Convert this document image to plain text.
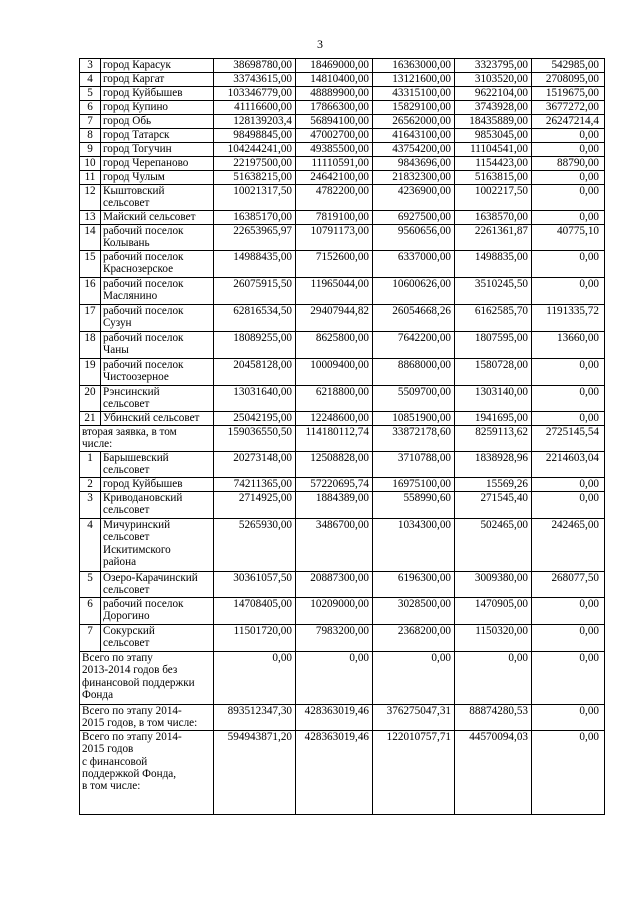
3
3	город Карасук	38698780,00	18469000,00	16363000,00	3323795,00	542985,00
4	город Каргат	33743615,00	14810400,00	13121600,00	3103520,00	2708095,00
5	город Куйбышев	103346779,00	48889900,00	43315100,00	9622104,00	1519675,00
6	город Купино	41116600,00	17866300,00	15829100,00	3743928,00	3677272,00
7	город Обь	128139203,4	56894100,00	26562000,00	18435889,00	26247214,4
8	город Татарск	98498845,00	47002700,00	41643100,00	9853045,00	0,00
9	город Тогучин	104244241,00	49385500,00	43754200,00	11104541,00	0,00
10	город Черепаново	22197500,00	11110591,00	9843696,00	1154423,00	88790,00
11	город Чулым	51638215,00	24642100,00	21832300,00	5163815,00	0,00
12	Кыштовский
сельсовет	10021317,50	4782200,00	4236900,00	1002217,50	0,00
13	Майский сельсовет	16385170,00	7819100,00	6927500,00	1638570,00	0,00
14	рабочий поселок
Колывань	22653965,97	10791173,00	9560656,00	2261361,87	40775,10
15	рабочий поселок
Краснозерское	14988435,00	7152600,00	6337000,00	1498835,00	0,00
16	рабочий поселок
Маслянино	26075915,50	11965044,00	10600626,00	3510245,50	0,00
17	рабочий поселок
Сузун	62816534,50	29407944,82	26054668,26	6162585,70	1191335,72
18	рабочий поселок
Чаны	18089255,00	8625800,00	7642200,00	1807595,00	13660,00
19	рабочий поселок
Чистоозерное	20458128,00	10009400,00	8868000,00	1580728,00	0,00
20	Рэнсинский
сельсовет	13031640,00	6218800,00	5509700,00	1303140,00	0,00
21	Убинский сельсовет	25042195,00	12248600,00	10851900,00	1941695,00	0,00
вторая заявка, в том
числе:		159036550,50	114180112,74	33872178,60	8259113,62	2725145,54
1	Барышевский
сельсовет	20273148,00	12508828,00	3710788,00	1838928,96	2214603,04
2	город Куйбышев	74211365,00	57220695,74	16975100,00	15569,26	0,00
3	Криводановский
сельсовет	2714925,00	1884389,00	558990,60	271545,40	0,00
4	Мичуринский
сельсовет
Искитимского
района	5265930,00	3486700,00	1034300,00	502465,00	242465,00
5	Озеро-Карачинский
сельсовет	30361057,50	20887300,00	6196300,00	3009380,00	268077,50
6	рабочий поселок
Дорогино	14708405,00	10209000,00	3028500,00	1470905,00	0,00
7	Сокурский
сельсовет	11501720,00	7983200,00	2368200,00	1150320,00	0,00
Всего по этапу
2013-2014 годов без
финансовой поддержки
Фонда		0,00	0,00	0,00	0,00	0,00
Всего по этапу 2014-
2015 годов, в том числе:		893512347,30	428363019,46	376275047,31	88874280,53	0,00
Всего по этапу 2014-
2015 годов
с финансовой
поддержкой Фонда,
в том числе:		594943871,20	428363019,46	122010757,71	44570094,03	0,00
